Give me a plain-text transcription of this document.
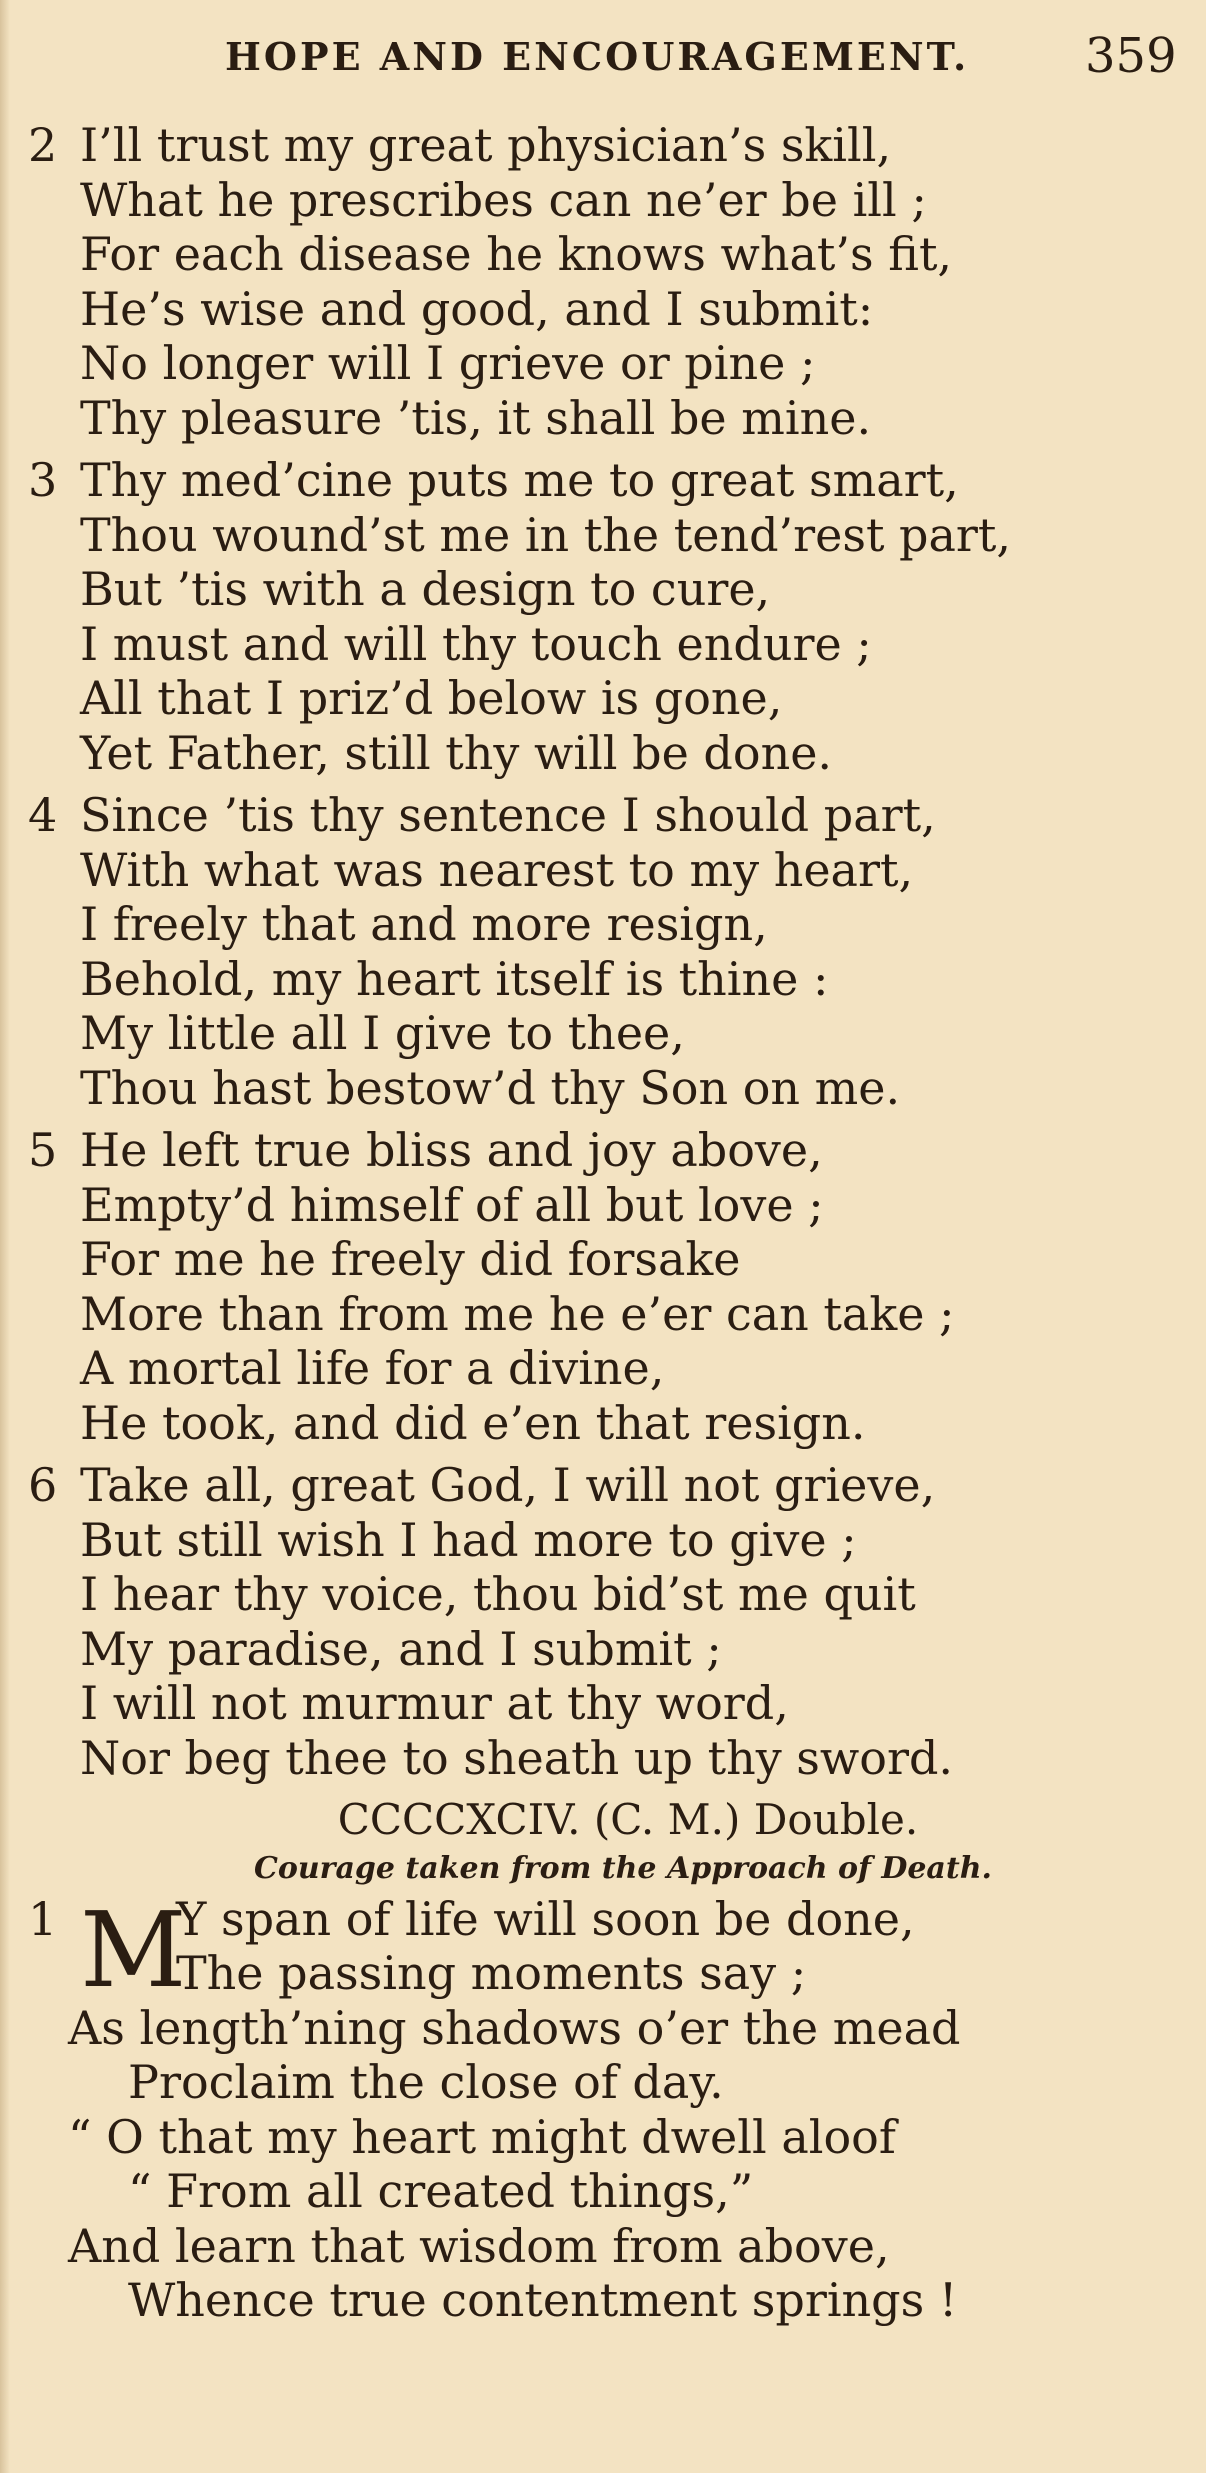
HOPE AND ENCOURAGEMENT. 359
2 I’ll trust my great physician’s skill,
What he prescribes can ne’er be ill ;
For each disease he knows what’s fit,
He’s wise and good, and I submit:
No longer will I grieve or pine ;
Thy pleasure ’tis, it shall be mine.
3 Thy med’cine puts me to great smart,
Thou wound’st me in the tend’rest part,
But ’tis with a design to cure,
I must and will thy touch endure ;
All that I priz’d below is gone,
Yet Father, still thy will be done.
4 Since ’tis thy sentence I should part,
With what was nearest to my heart,
I freely that and more resign,
Behold, my heart itself is thine :
My little all I give to thee,
Thou hast bestow’d thy Son on me.
5 He left true bliss and joy above,
Empty’d himself of all but love ;
For me he freely did forsake
More than from me he e’er can take ;
A mortal life for a divine,
He took, and did e’en that resign.
6 Take all, great God, I will not grieve,
But still wish I had more to give ;
I hear thy voice, thou bid’st me quit
My paradise, and I submit ;
I will not murmur at thy word,
Nor beg thee to sheath up thy sword.
CCCCXCIV. (C. M.) Double.
Courage taken from the Approach of Death.
1 M
Y span of life will soon be done,
The passing moments say ;
As length’ning shadows o’er the mead
Proclaim the close of day.
“ O that my heart might dwell aloof
“ From all created things,”
And learn that wisdom from above,
Whence true contentment springs !
